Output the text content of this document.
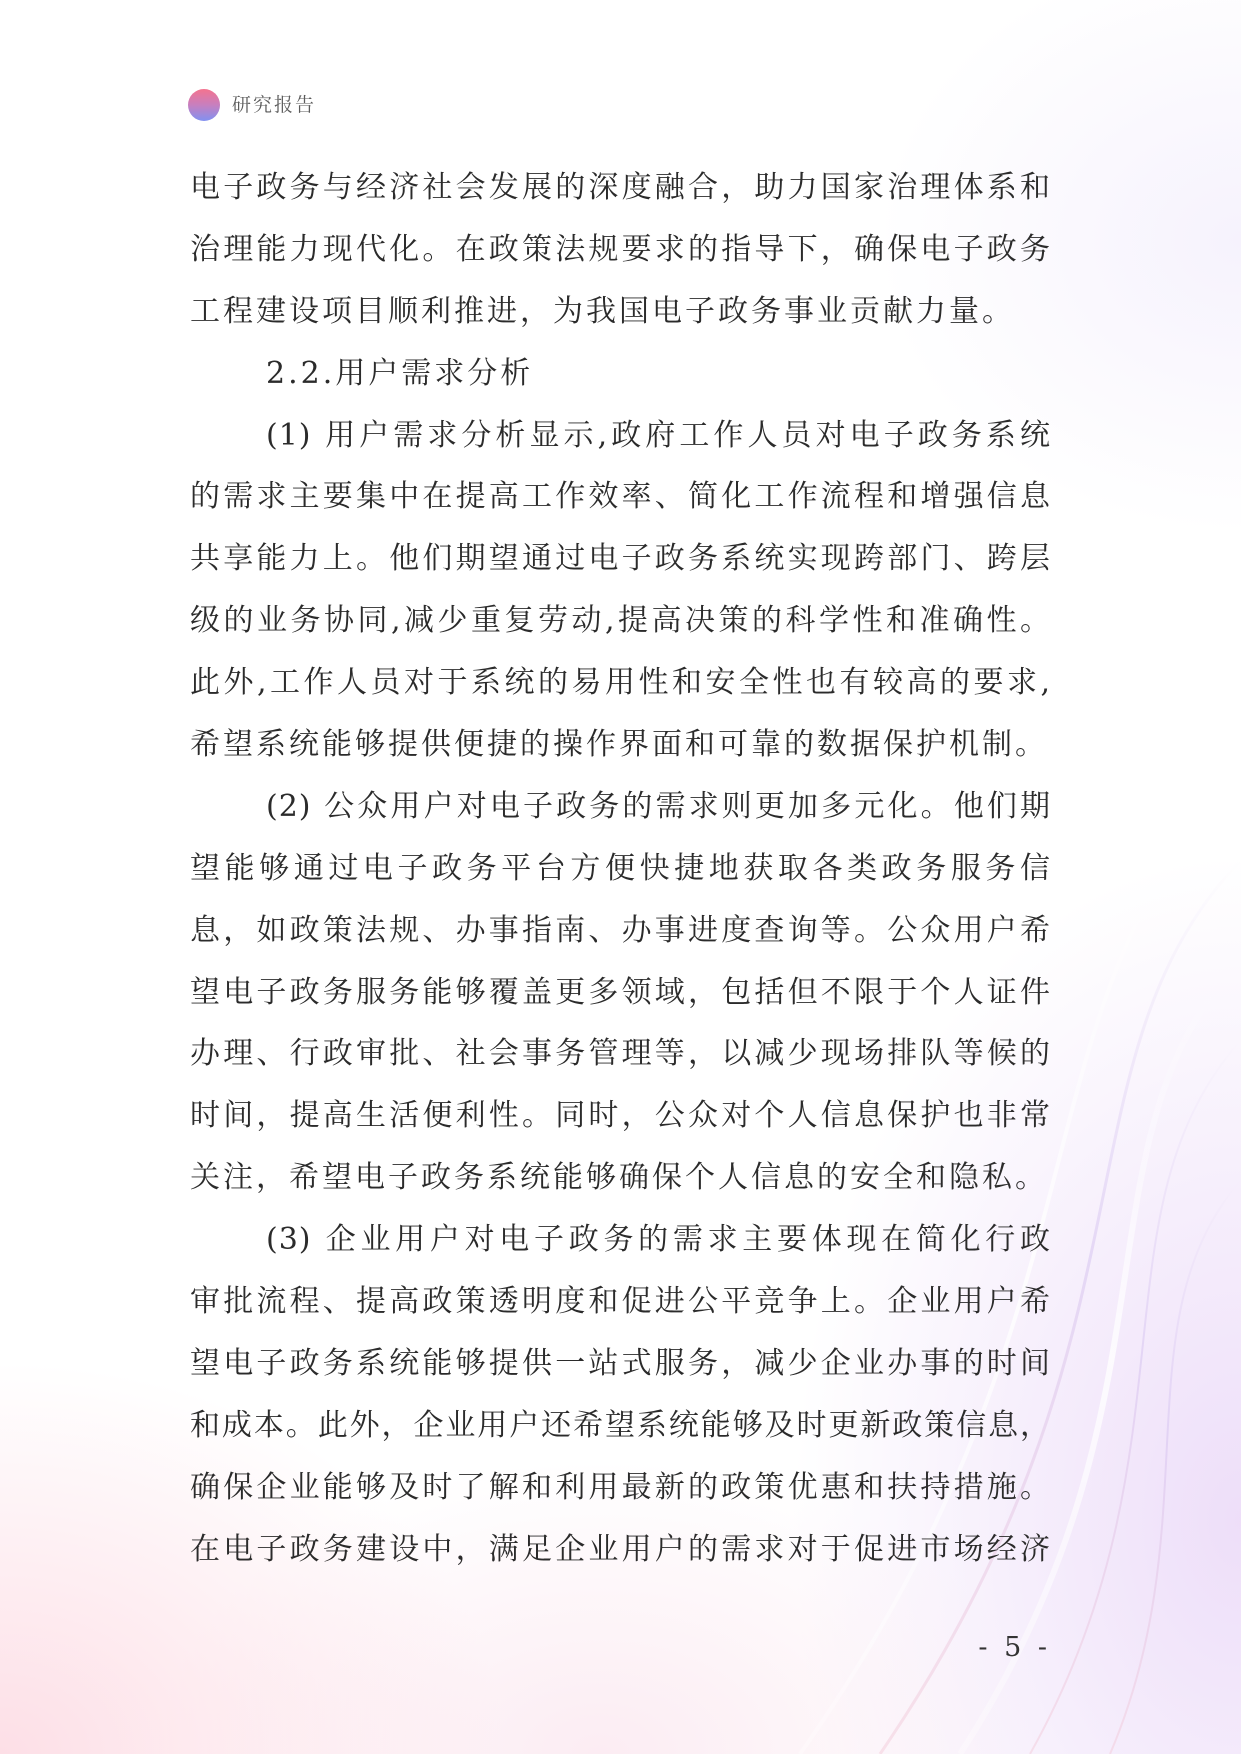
研究报告
电子政务与经济社会发展的深度融合，助力国家治理体系和
治理能力现代化。在政策法规要求的指导下，确保电子政务
工程建设项目顺利推进，为我国电子政务事业贡献力量。
2.2.用户需求分析
(1) 用户需求分析显示,政府工作人员对电子政务系统
的需求主要集中在提高工作效率、简化工作流程和增强信息
共享能力上。他们期望通过电子政务系统实现跨部门、跨层
级的业务协同,减少重复劳动,提高决策的科学性和准确性。
此外,工作人员对于系统的易用性和安全性也有较高的要求,
希望系统能够提供便捷的操作界面和可靠的数据保护机制。
(2) 公众用户对电子政务的需求则更加多元化。他们期
望能够通过电子政务平台方便快捷地获取各类政务服务信
息，如政策法规、办事指南、办事进度查询等。公众用户希
望电子政务服务能够覆盖更多领域，包括但不限于个人证件
办理、行政审批、社会事务管理等，以减少现场排队等候的
时间，提高生活便利性。同时，公众对个人信息保护也非常
关注，希望电子政务系统能够确保个人信息的安全和隐私。
(3) 企业用户对电子政务的需求主要体现在简化行政
审批流程、提高政策透明度和促进公平竞争上。企业用户希
望电子政务系统能够提供一站式服务，减少企业办事的时间
和成本。此外，企业用户还希望系统能够及时更新政策信息，
确保企业能够及时了解和利用最新的政策优惠和扶持措施。
在电子政务建设中，满足企业用户的需求对于促进市场经济
- 5 -
